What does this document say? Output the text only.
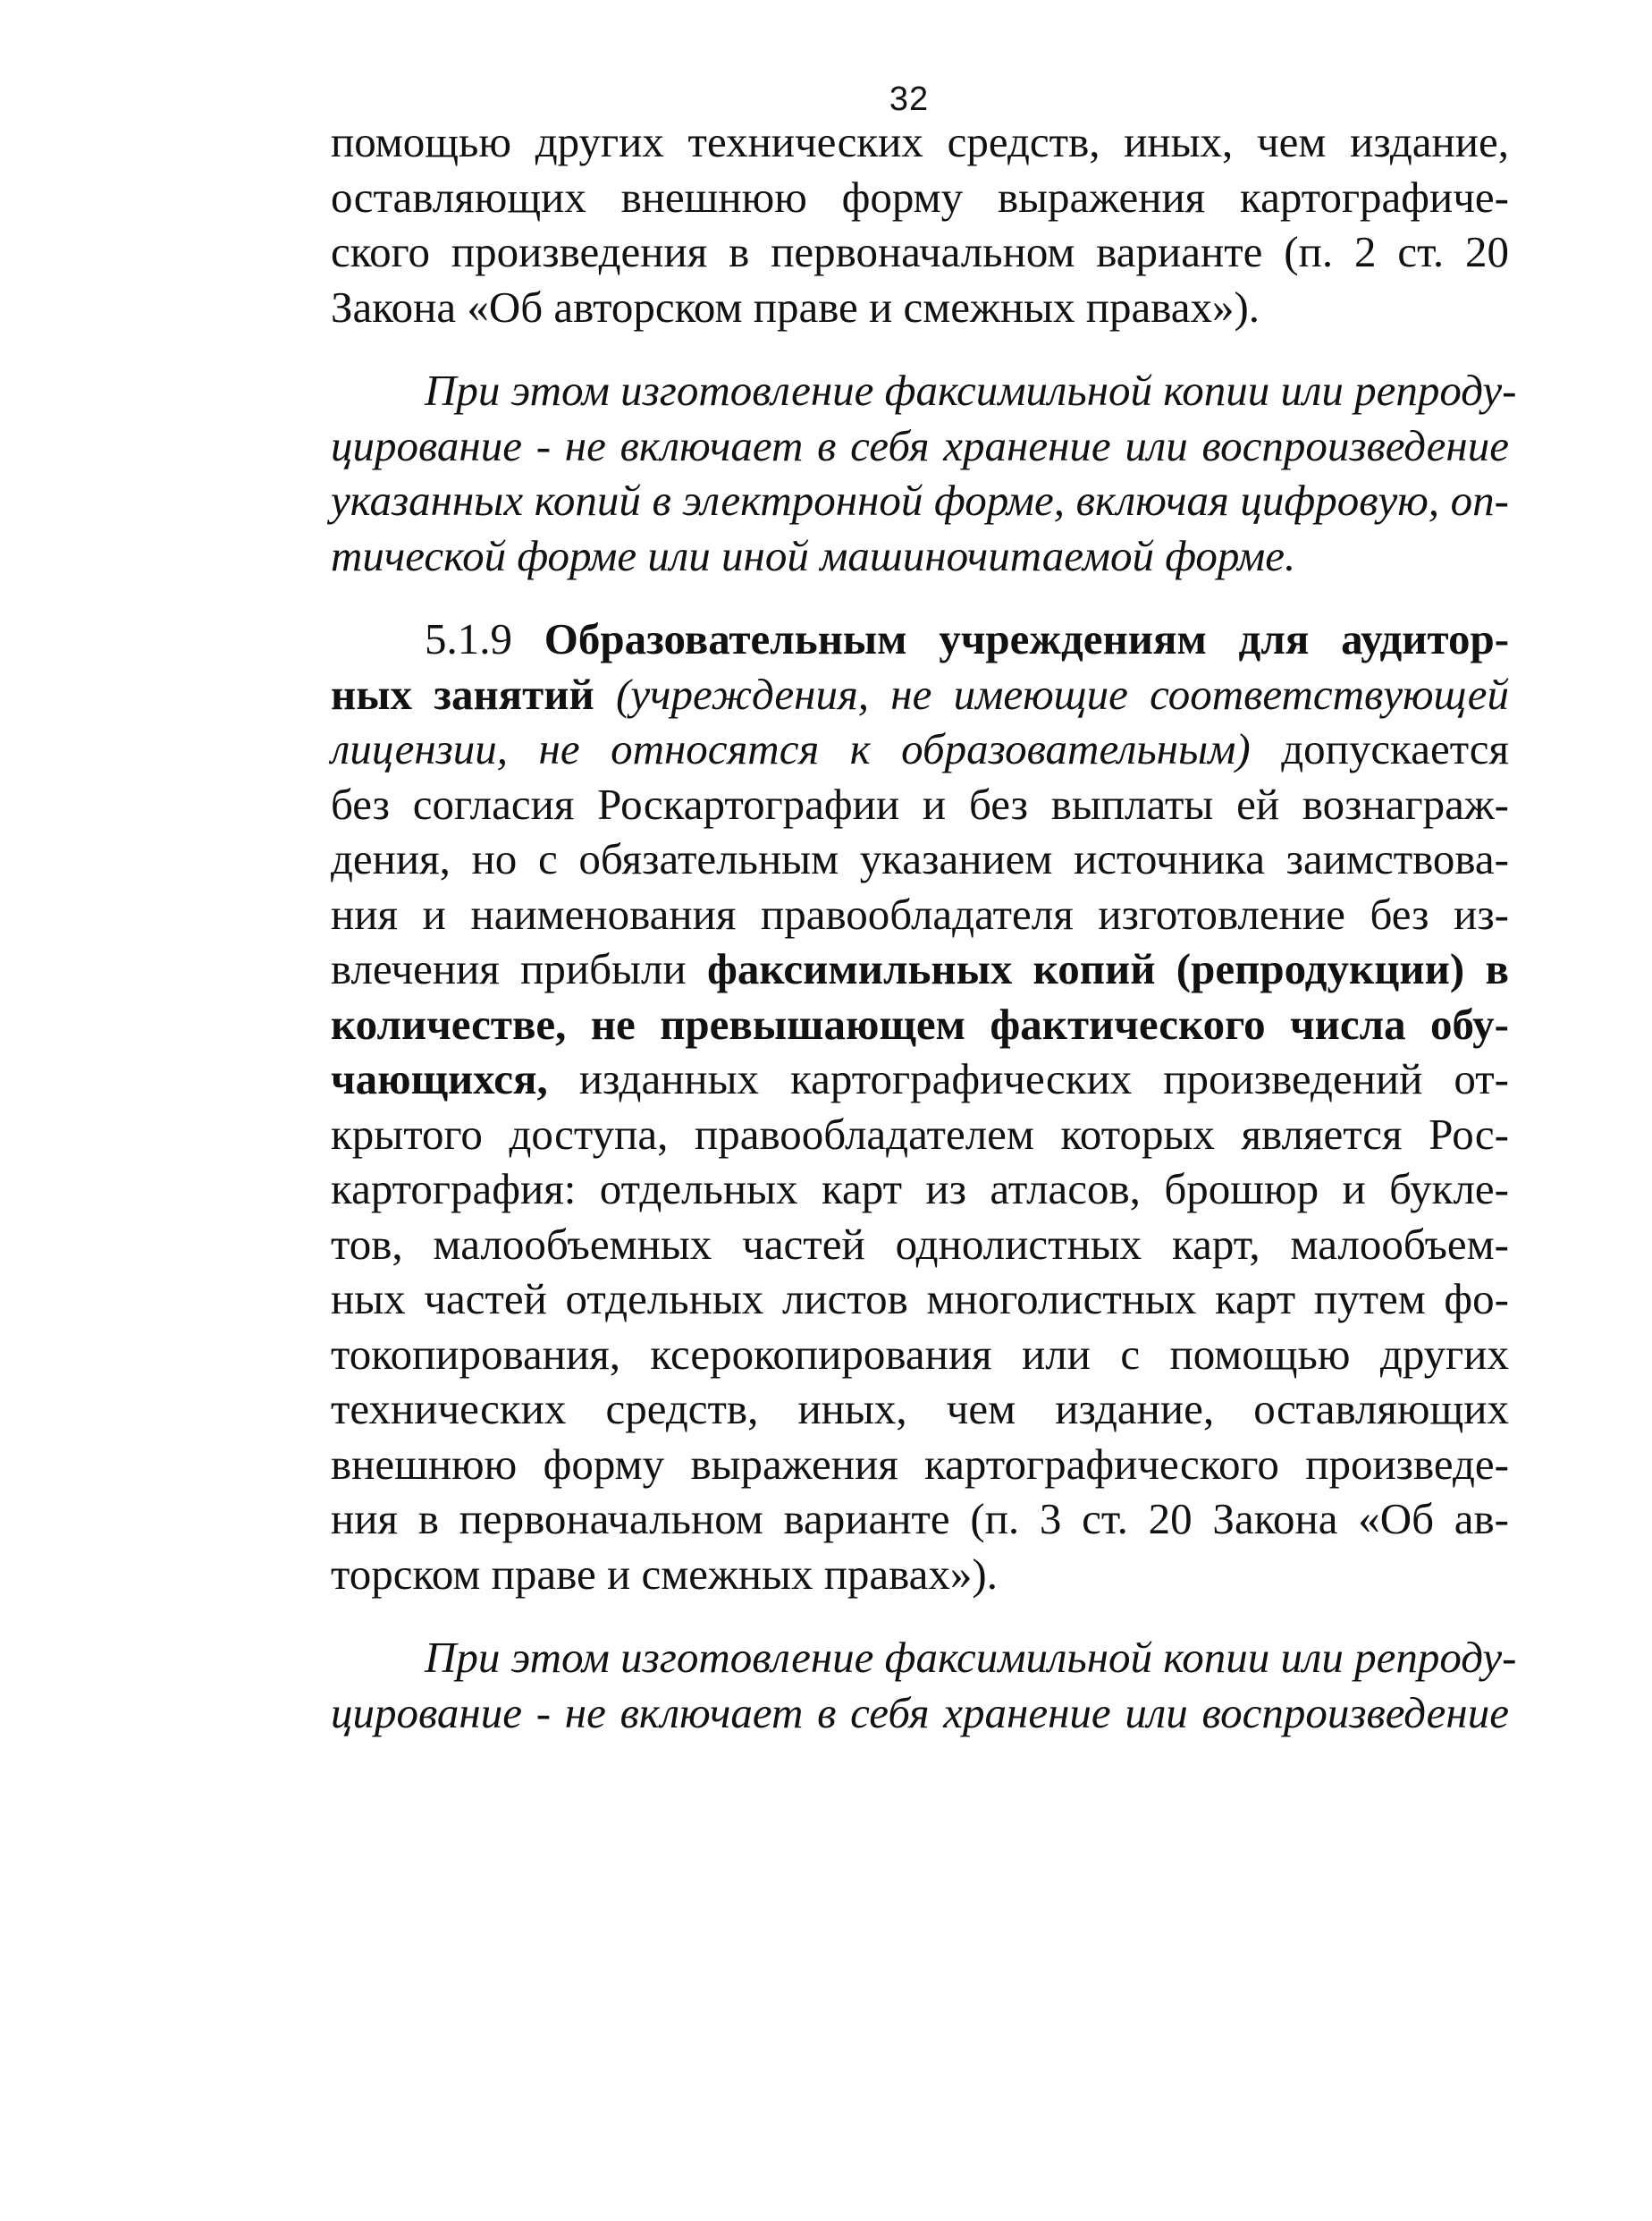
32
помощью других технических средств, иных, чем издание,
оставляющих внешнюю форму выражения картографиче-
ского произведения в первоначальном варианте (п. 2 ст. 20
Закона «Об авторском праве и смежных правах»).
При этом изготовление факсимильной копии или репроду-
цирование - не включает в себя хранение или воспроизведение
указанных копий в электронной форме, включая цифровую, оп-
тической форме или иной машиночитаемой форме.
5.1.9 Образовательным учреждениям для аудитор-
ных занятий (учреждения, не имеющие соответствующей
лицензии, не относятся к образовательным) допускается
без согласия Роскартографии и без выплаты ей вознаграж-
дения, но с обязательным указанием источника заимствова-
ния и наименования правообладателя изготовление без из-
влечения прибыли факсимильных копий (репродукции) в
количестве, не превышающем фактического числа обу-
чающихся, изданных картографических произведений от-
крытого доступа, правообладателем которых является Рос-
картография: отдельных карт из атласов, брошюр и букле-
тов, малообъемных частей однолистных карт, малообъем-
ных частей отдельных листов многолистных карт путем фо-
токопирования, ксерокопирования или с помощью других
технических средств, иных, чем издание, оставляющих
внешнюю форму выражения картографического произведе-
ния в первоначальном варианте (п. 3 ст. 20 Закона «Об ав-
торском праве и смежных правах»).
При этом изготовление факсимильной копии или репроду-
цирование - не включает в себя хранение или воспроизведение
